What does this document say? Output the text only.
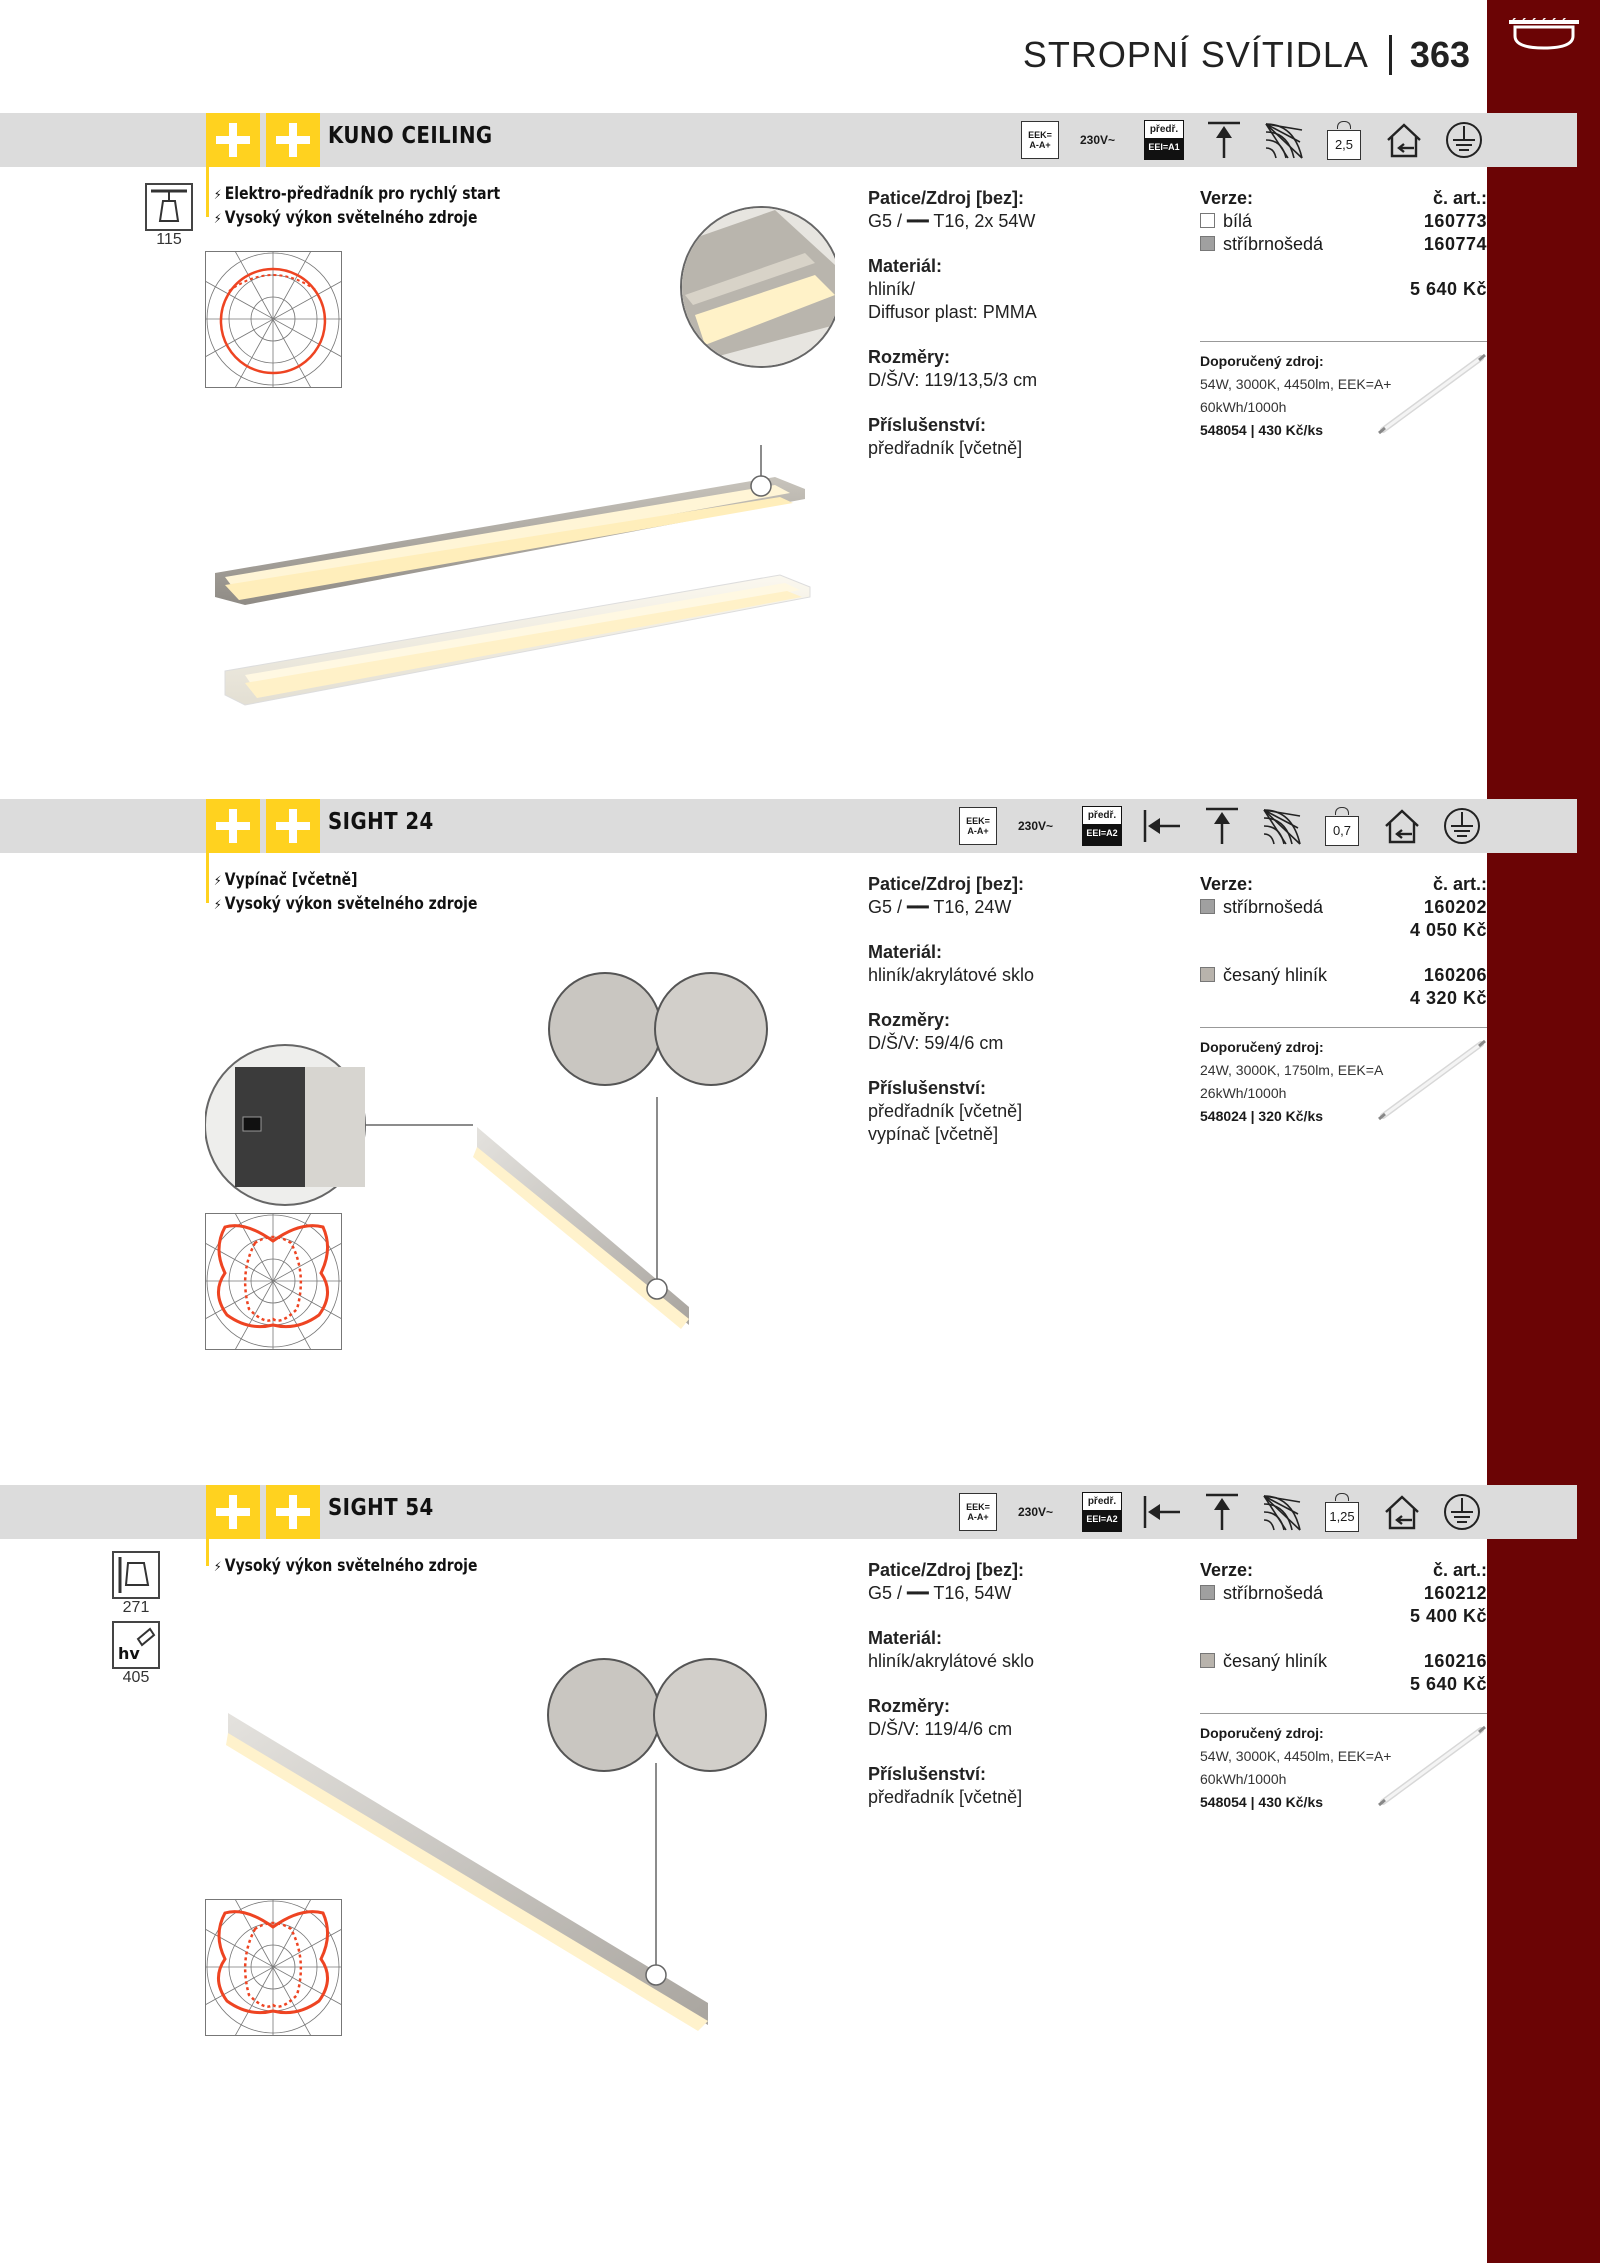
STROPNÍ SVÍTIDLA 363
KUNO CEILING	EEK=
A-A+ 230V~
předř.
EEI=A1	2,5
⚡ Elektro-předřadník pro rychlý start
⚡ Vysoký výkon světelného zdroje
115
Patice/Zdroj [bez]:
G5 / ━━ T16, 2x 54W
Materiál:
hliník/
Diffusor plast: PMMA
Rozměry:
D/Š/V: 119/13,5/3 cm
Příslušenství:
předřadník [včetně]
Verze:	č. art.:
bílá	160773
stříbrnošedá	160774
5 640 Kč
Doporučený zdroj:
54W, 3000K, 4450lm, EEK=A+
60kWh/1000h
548054 | 430 Kč/ks
SIGHT 24	EEK=
A-A+ 230V~
předř.
EEI=A2	0,7
⚡ Vypínač [včetně]
⚡ Vysoký výkon světelného zdroje
Patice/Zdroj [bez]:
G5 / ━━ T16, 24W
Materiál:
hliník/akrylátové sklo
Rozměry:
D/Š/V: 59/4/6 cm
Příslušenství:
předřadník [včetně]
vypínač [včetně]
Verze:	č. art.:
stříbrnošedá	160202
4 050 Kč
česaný hliník	160206
4 320 Kč
Doporučený zdroj:
24W, 3000K, 1750lm, EEK=A
26kWh/1000h
548024 | 320 Kč/ks
SIGHT 54	EEK=
A-A+ 230V~
předř.
EEI=A2	1,25
⚡ Vysoký výkon světelného zdroje
271
hv
405
Patice/Zdroj [bez]:
G5 / ━━ T16, 54W
Materiál:
hliník/akrylátové sklo
Rozměry:
D/Š/V: 119/4/6 cm
Příslušenství:
předřadník [včetně]
Verze:	č. art.:
stříbrnošedá	160212
5 400 Kč
česaný hliník	160216
5 640 Kč
Doporučený zdroj:
54W, 3000K, 4450lm, EEK=A+
60kWh/1000h
548054 | 430 Kč/ks
